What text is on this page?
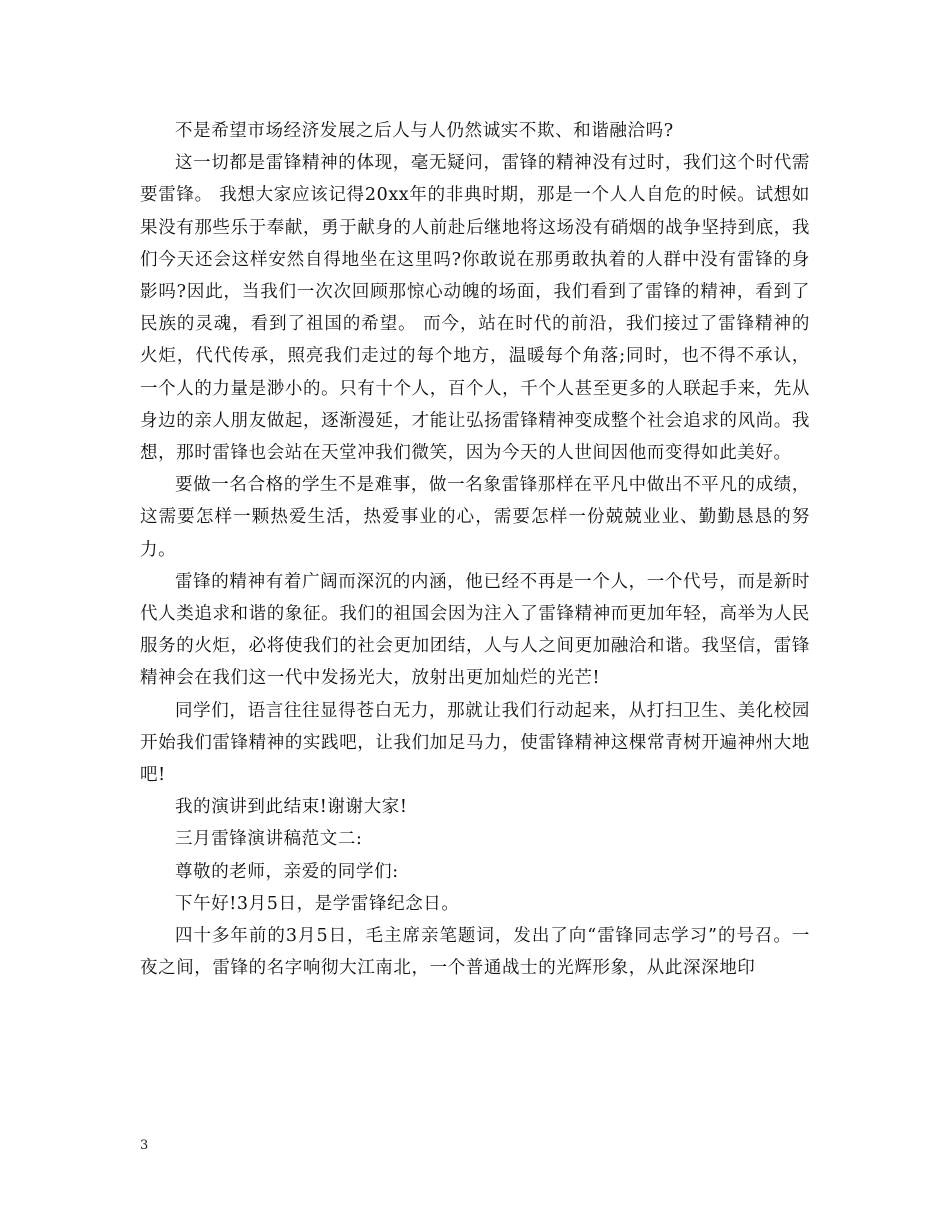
不是希望市场经济发展之后人与人仍然诚实不欺、和谐融洽吗?

这一切都是雷锋精神的体现，毫无疑问，雷锋的精神没有过时，我们这个时代需要雷锋。 我想大家应该记得20xx年的非典时期，那是一个人人自危的时候。试想如果没有那些乐于奉献，勇于献身的人前赴后继地将这场没有硝烟的战争坚持到底，我们今天还会这样安然自得地坐在这里吗?你敢说在那勇敢执着的人群中没有雷锋的身影吗?因此，当我们一次次回顾那惊心动魄的场面，我们看到了雷锋的精神，看到了民族的灵魂，看到了祖国的希望。 而今，站在时代的前沿，我们接过了雷锋精神的火炬，代代传承，照亮我们走过的每个地方，温暖每个角落;同时，也不得不承认，一个人的力量是渺小的。只有十个人，百个人，千个人甚至更多的人联起手来，先从身边的亲人朋友做起，逐渐漫延，才能让弘扬雷锋精神变成整个社会追求的风尚。我想，那时雷锋也会站在天堂冲我们微笑，因为今天的人世间因他而变得如此美好。

要做一名合格的学生不是难事，做一名象雷锋那样在平凡中做出不平凡的成绩，这需要怎样一颗热爱生活，热爱事业的心，需要怎样一份兢兢业业、勤勤恳恳的努力。

雷锋的精神有着广阔而深沉的内涵，他已经不再是一个人，一个代号，而是新时代人类追求和谐的象征。我们的祖国会因为注入了雷锋精神而更加年轻，高举为人民服务的火炬，必将使我们的社会更加团结，人与人之间更加融洽和谐。我坚信，雷锋精神会在我们这一代中发扬光大，放射出更加灿烂的光芒!

同学们，语言往往显得苍白无力，那就让我们行动起来，从打扫卫生、美化校园开始我们雷锋精神的实践吧，让我们加足马力，使雷锋精神这棵常青树开遍神州大地吧!

我的演讲到此结束!谢谢大家!

三月雷锋演讲稿范文二:

尊敬的老师，亲爱的同学们:

下午好!3月5日，是学雷锋纪念日。

四十多年前的3月5日，毛主席亲笔题词，发出了向“雷锋同志学习”的号召。一夜之间，雷锋的名字响彻大江南北，一个普通战士的光辉形象，从此深深地印

3
